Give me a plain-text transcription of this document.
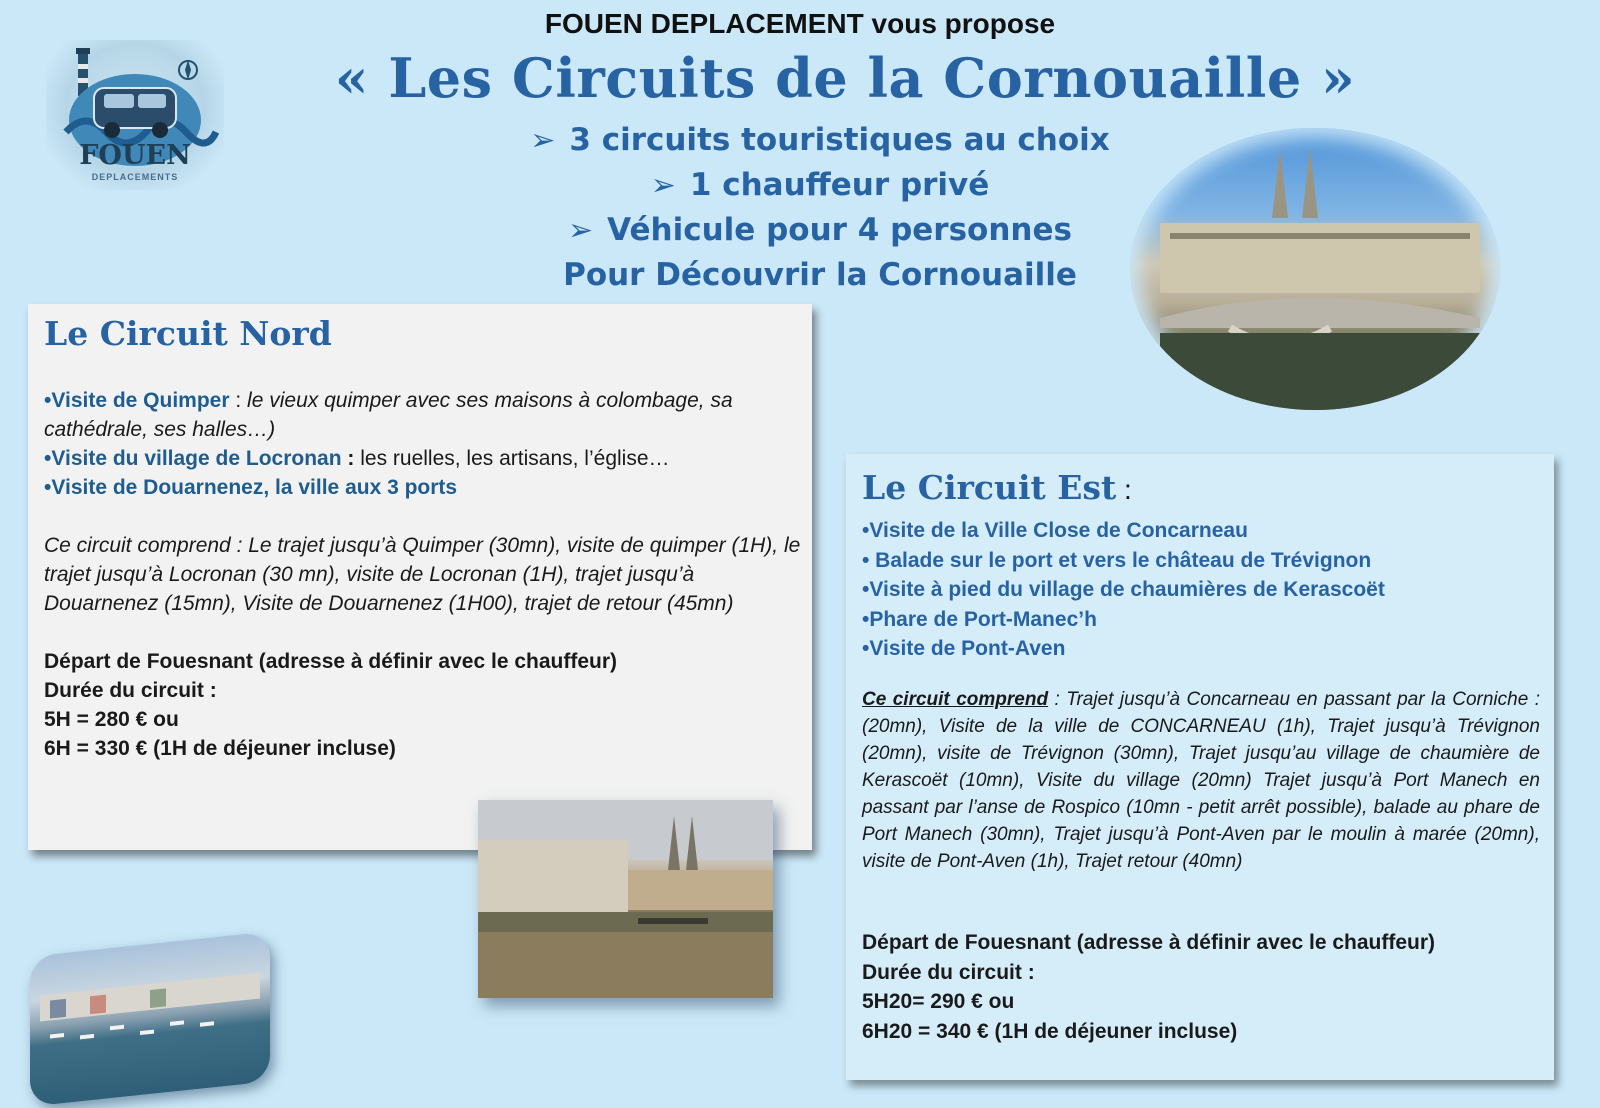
FOUEN DEPLACEMENT vous propose
« Les Circuits de la Cornouaille »
➢ 3 circuits touristiques au choix
➢ 1 chauffeur privé
➢ Véhicule pour 4 personnes
Pour Découvrir la Cornouaille
FOUEN
DEPLACEMENTS
Le Circuit Nord

•Visite de Quimper : le vieux quimper avec ses maisons à colombage, sa cathédrale, ses halles…)

•Visite du village de Locronan : les ruelles, les artisans, l’église…

•Visite de Douarnenez, la ville aux 3 ports

Ce circuit comprend : Le trajet jusqu’à Quimper (30mn), visite de quimper (1H), le trajet jusqu’à Locronan (30 mn), visite de Locronan (1H), trajet jusqu’à Douarnenez (15mn), Visite de Douarnenez (1H00), trajet de retour (45mn)

Départ de Fouesnant (adresse à définir avec le chauffeur)

Durée du circuit :

5H = 280 € ou

6H = 330 € (1H de déjeuner incluse)

Le Circuit Est :
•Visite de la Ville Close de Concarneau
• Balade sur le port et vers le château de Trévignon
•Visite à pied du village de chaumières de Kerascoët
•Phare de Port-Manec’h
•Visite de Pont-Aven

Ce circuit comprend : Trajet jusqu’à Concarneau en passant par la Corniche : (20mn), Visite de la ville de CONCARNEAU (1h), Trajet jusqu’à Trévignon (20mn), visite de Trévignon (30mn), Trajet jusqu’au village de chaumière de Kerascoët (10mn), Visite du village (20mn) Trajet jusqu’à Port Manech en passant par l’anse de Rospico (10mn - petit arrêt possible), balade au phare de Port Manech (30mn), Trajet jusqu’à Pont-Aven par le moulin à marée (20mn), visite de Pont-Aven (1h), Trajet retour (40mn)

Départ de Fouesnant (adresse à définir avec le chauffeur)
Durée du circuit :
5H20= 290 € ou
6H20 = 340 € (1H de déjeuner incluse)
